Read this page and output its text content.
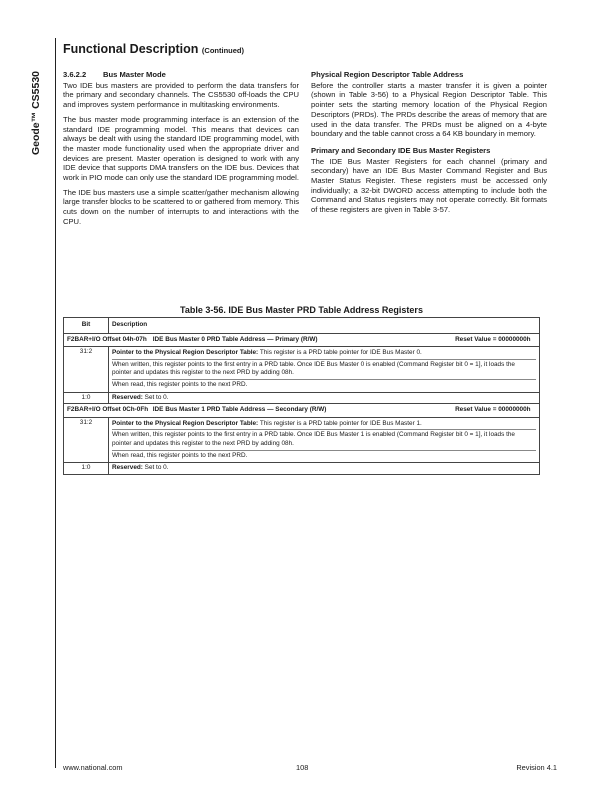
Geode™ CS5530
Functional Description (Continued)
3.6.2.2 Bus Master Mode

Two IDE bus masters are provided to perform the data transfers for the primary and secondary channels. The CS5530 off-loads the CPU and improves system performance in multitasking environments.

The bus master mode programming interface is an extension of the standard IDE programming model. This means that devices can always be dealt with using the standard IDE programming model, with the master mode functionality used when the appropriate driver and devices are present. Master operation is designed to work with any IDE device that supports DMA transfers on the IDE bus. Devices that work in PIO mode can only use the standard IDE programming model.

The IDE bus masters use a simple scatter/gather mechanism allowing large transfer blocks to be scattered to or gathered from memory. This cuts down on the number of interrupts to and interactions with the CPU.

Physical Region Descriptor Table Address

Before the controller starts a master transfer it is given a pointer (shown in Table 3-56) to a Physical Region Descriptor Table. This pointer sets the starting memory location of the Physical Region Descriptors (PRDs). The PRDs describe the areas of memory that are used in the data transfer. The PRDs must be aligned on a 4-byte boundary and the table cannot cross a 64 KB boundary in memory.

Primary and Secondary IDE Bus Master Registers

The IDE Bus Master Registers for each channel (primary and secondary) have an IDE Bus Master Command Register and Bus Master Status Register. These registers must be accessed only individually; a 32-bit DWORD access attempting to include both the Command and Status registers may not operate correctly. Bit formats of these registers are given in Table 3-57.

Table 3-56. IDE Bus Master PRD Table Address Registers
Bit	Description
F2BAR+I/O Offset 04h-07h IDE Bus Master 0 PRD Table Address — Primary (R/W) Reset Value = 00000000h	
31:2	Pointer to the Physical Region Descriptor Table: This register is a PRD table pointer for IDE Bus Master 0.
When written, this register points to the first entry in a PRD table. Once IDE Bus Master 0 is enabled (Command Register bit 0 = 1], it loads the pointer and updates this register to the next PRD by adding 08h.
When read, this register points to the next PRD.

1:0	Reserved: Set to 0.
F2BAR+I/O Offset 0Ch-0Fh IDE Bus Master 1 PRD Table Address — Secondary (R/W) Reset Value = 00000000h	
31:2	Pointer to the Physical Region Descriptor Table: This register is a PRD table pointer for IDE Bus Master 1.
When written, this register points to the first entry in a PRD table. Once IDE Bus Master 1 is enabled (Command Register bit 0 = 1], it loads the pointer and updates this register to the next PRD by adding 08h.
When read, this register points to the next PRD.

1:0	Reserved: Set to 0.
www.national.com	108	Revision 4.1
